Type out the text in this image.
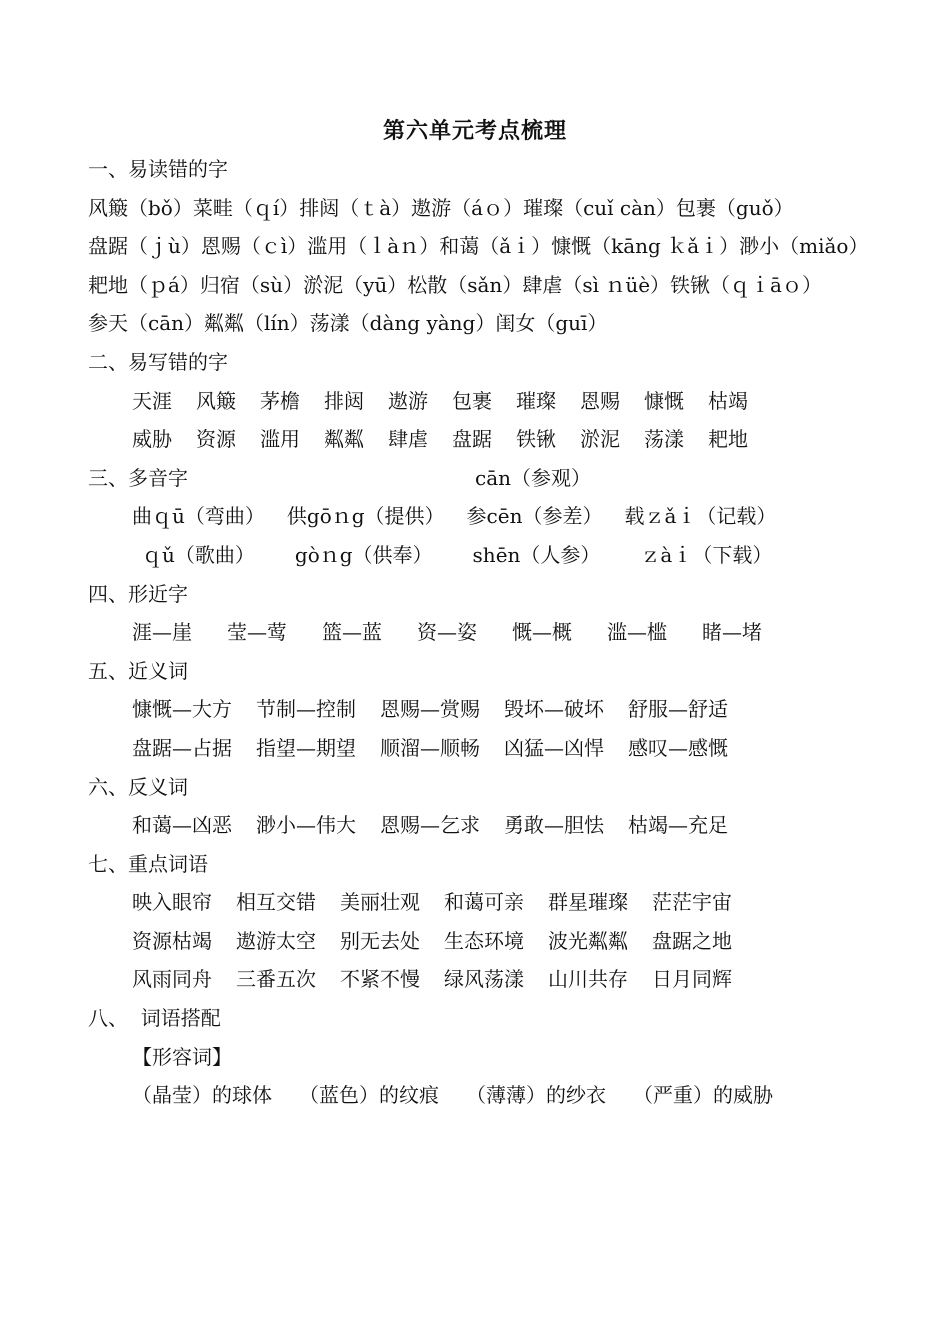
第六单元考点梳理
一、易读错的字
风簸（bǒ）菜畦（ｑí）排闼（ｔà）遨游（áｏ）璀璨（cuǐ càn）包裹（guǒ）
盘踞（ｊù）恩赐（ｃì）滥用（ｌàｎ）和蔼（ǎｉ）慷慨（kāng ｋǎｉ）渺小（miǎo）
耙地（ｐá）归宿（sù）淤泥（yū）松散（sǎn）肆虐（sì ｎüè）铁锹（ｑｉāｏ）
参天（cān）粼粼（lín）荡漾（dàng yàng）闺女（guī）
二、易写错的字
天涯 风簸 茅檐 排闼 遨游 包裹 璀璨 恩赐 慷慨 枯竭
威胁 资源 滥用 粼粼 肆虐 盘踞 铁锹 淤泥 荡漾 耙地
三、多音字	cān（参观）
曲ｑū（弯曲） 供gōｎg（提供） 参cēn（参差） 载ｚǎｉ（记载）
ｑǔ（歌曲） gòｎg（供奉） shēn（人参） ｚàｉ（下载）
四、形近字
涯—崖 莹—莺 篮—蓝 资—姿 慨—概 滥—槛 睹—堵
五、近义词
慷慨—大方 节制—控制 恩赐—赏赐 毁坏—破坏 舒服—舒适
盘踞—占据 指望—期望 顺溜—顺畅 凶猛—凶悍 感叹—感慨
六、反义词
和蔼—凶恶 渺小—伟大 恩赐—乞求 勇敢—胆怯 枯竭—充足
七、重点词语
映入眼帘 相互交错 美丽壮观 和蔼可亲 群星璀璨 茫茫宇宙
资源枯竭 遨游太空 别无去处 生态环境 波光粼粼 盘踞之地
风雨同舟 三番五次 不紧不慢 绿风荡漾 山川共存 日月同辉
八、  词语搭配
【形容词】
（晶莹）的球体 （蓝色）的纹痕 （薄薄）的纱衣 （严重）的威胁
